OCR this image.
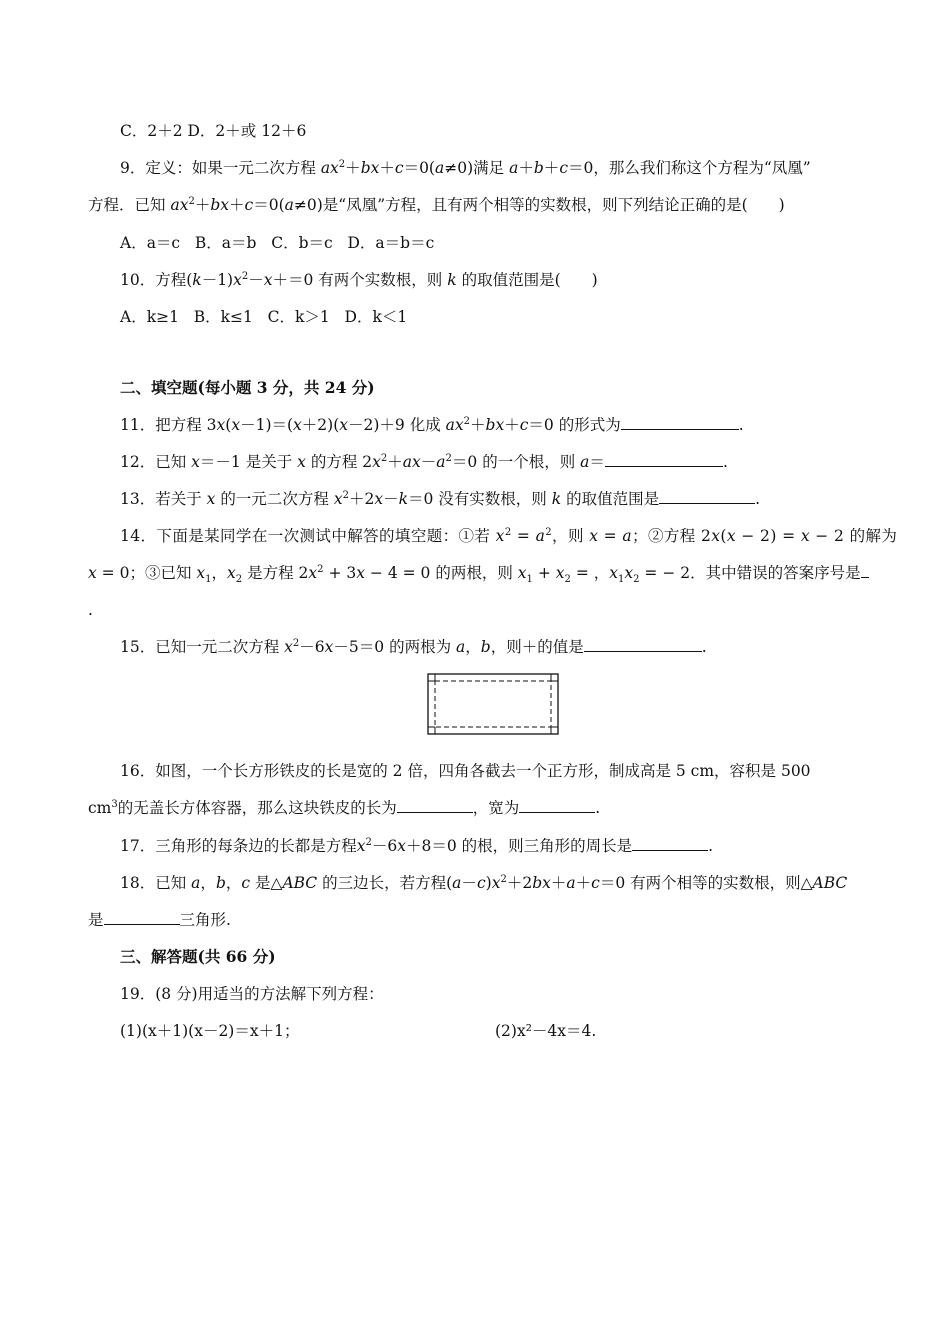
C．2＋2 D．2＋或 12＋6
9．定义：如果一元二次方程 $ax^2+bx+c=0(a\ne 0)$满足 a＋b＋c＝0，那么我们称这个方程为“凤凰”
方程．已知 $ax^2+bx+c=0(a\ne 0)$是“凤凰”方程，且有两个相等的实数根，则下列结论正确的是(　　)
A．a＝c B．a＝b C．b＝c D．a＝b＝c
10．方程$(k-1)x^2-x+=0$ 有两个实数根，则 k 的取值范围是(　　)
A．k≥1 B．k≤1 C．k＞1 D．k＜1
二、填空题(每小题 3 分，共 24 分)
11．把方程 3x(x－1)＝(x＋2)(x－2)＋9 化成 $ax^2+bx+c=0$ 的形式为	.
12．已知 x＝－1 是关于 x 的方程 $2x^2+ax-a^2=0$ 的一个根，则 a＝	.
13．若关于 x 的一元二次方程 $x^2+2x-k=0$ 没有实数根，则 k 的取值范围是	.
14．下面是某同学在一次测试中解答的填空题：①若 $x^2 = a^2$，则 x = a；②方程 2x(x − 2) = x − 2 的解为
x = 0；③已知 $x_1$，$x_2$ 是方程 $2x^2 + 3x - 4 = 0$ 的两根，则 $x_1 + x_2$ = ，$x_1x_2$ = − 2．其中错误的答案序号是
.
15．已知一元二次方程 $x^2-6x-5=0$ 的两根为 a，b，则＋的值是	.
16．如图，一个长方形铁皮的长是宽的 2 倍，四角各截去一个正方形，制成高是 5 cm，容积是 500
$cm^3$的无盖长方体容器，那么这块铁皮的长为	，宽为	.
17．三角形的每条边的长都是方程$x^2-6x+8=0$ 的根，则三角形的周长是	.
18．已知 a，b，c 是△ABC 的三边长，若方程$(a-c)x^2+2bx+a+c=0$ 有两个相等的实数根，则△ABC
是	三角形.
三、解答题(共 66 分)
19．(8 分)用适当的方法解下列方程：
(1)(x＋1)(x－2)＝x＋1；	(2)x²－4x＝4.
